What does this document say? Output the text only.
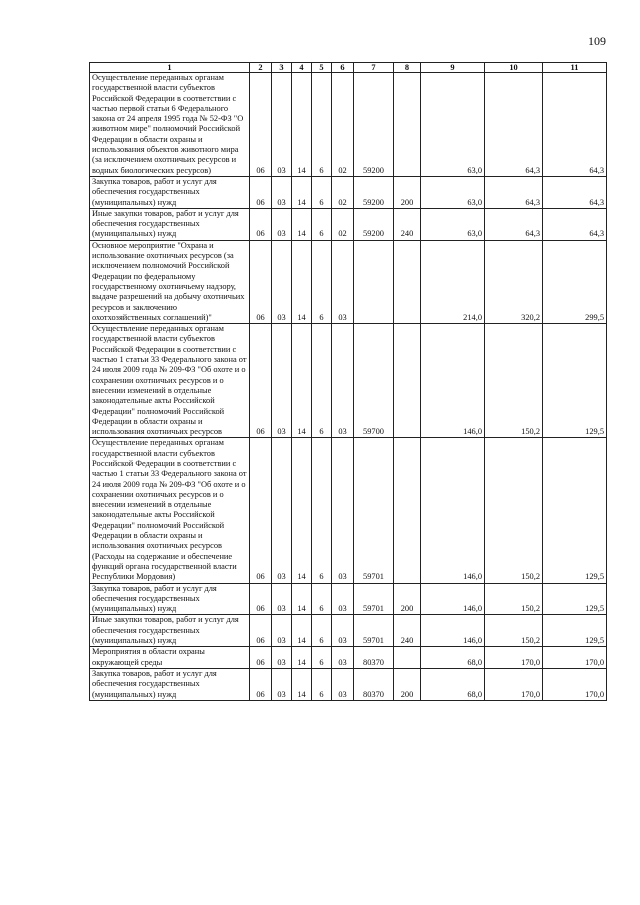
109
1	2	3	4	5	6	7	8	9	10	11
Осуществление переданных органам государственной власти субъектов Российской Федерации в соответствии с частью первой статьи 6 Федерального закона от 24 апреля 1995 года № 52-ФЗ "О животном мире" полномочий Российской Федерации в области охраны и использования объектов животного мира (за исключением охотничьих ресурсов и водных биологических ресурсов)	06	03	14	6	02	59200		63,0	64,3	64,3
Закупка товаров, работ и услуг для обеспечения государственных (муниципальных) нужд	06	03	14	6	02	59200	200	63,0	64,3	64,3
Иные закупки товаров, работ и услуг для обеспечения государственных (муниципальных) нужд	06	03	14	6	02	59200	240	63,0	64,3	64,3
Основное мероприятие "Охрана и использование охотничьих ресурсов (за исключением полномочий Российской Федерации по федеральному государственному охотничьему надзору, выдаче разрешений на добычу охотничьих ресурсов и заключению охотхозяйственных соглашений)"	06	03	14	6	03			214,0	320,2	299,5
Осуществление переданных органам государственной власти субъектов Российской Федерации в соответствии с частью 1 статьи 33 Федерального закона от 24 июля 2009 года № 209-ФЗ "Об охоте и о сохранении охотничьих ресурсов и о внесении изменений в отдельные законодательные акты Российской Федерации" полномочий Российской Федерации в области охраны и использования охотничьих ресурсов	06	03	14	6	03	59700		146,0	150,2	129,5
Осуществление переданных органам государственной власти субъектов Российской Федерации в соответствии с частью 1 статьи 33 Федерального закона от 24 июля 2009 года № 209-ФЗ "Об охоте и о сохранении охотничьих ресурсов и о внесении изменений в отдельные законодательные акты Российской Федерации" полномочий Российской Федерации в области охраны и использования охотничьих ресурсов (Расходы на содержание и обеспечение функций органа государственной власти Республики Мордовия)	06	03	14	6	03	59701		146,0	150,2	129,5
Закупка товаров, работ и услуг для обеспечения государственных (муниципальных) нужд	06	03	14	6	03	59701	200	146,0	150,2	129,5
Иные закупки товаров, работ и услуг для обеспечения государственных (муниципальных) нужд	06	03	14	6	03	59701	240	146,0	150,2	129,5
Мероприятия в области охраны окружающей среды	06	03	14	6	03	80370		68,0	170,0	170,0
Закупка товаров, работ и услуг для обеспечения государственных (муниципальных) нужд	06	03	14	6	03	80370	200	68,0	170,0	170,0
